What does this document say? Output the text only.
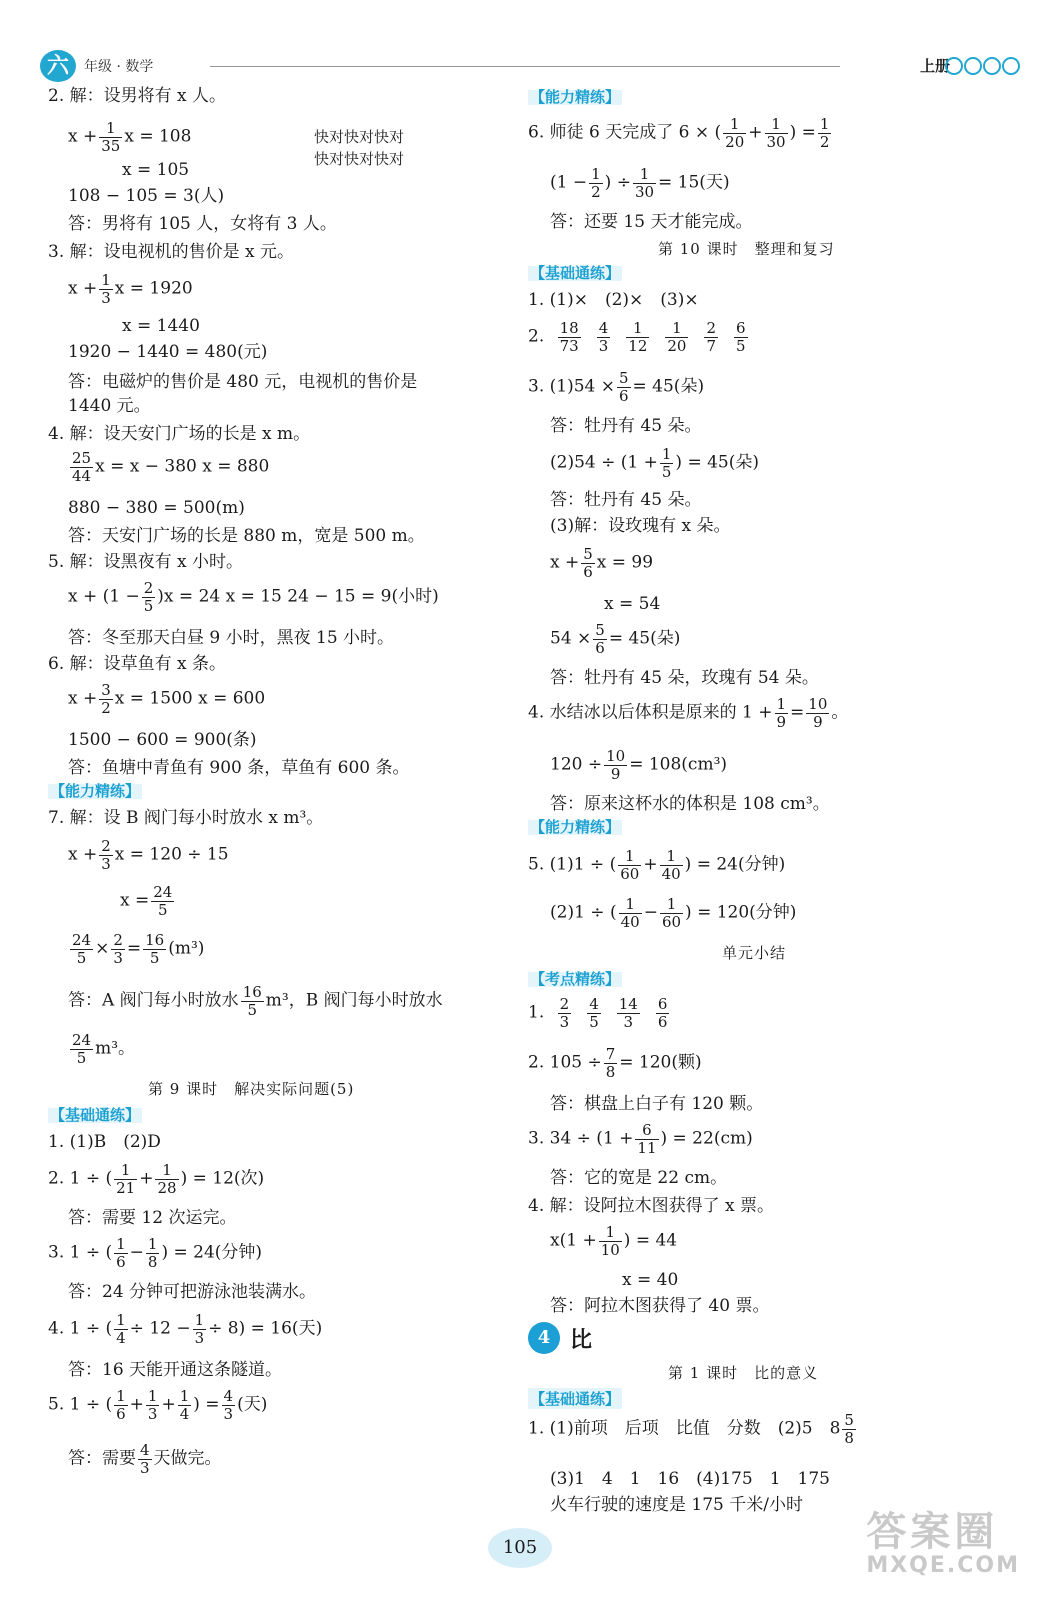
六	年级 · 数学	上册
2. 解：设男将有 x 人。
$x + \frac{1}{35}$ x = 108	快对快对快对
快对快对快对
x = 105
108 − 105 = 3(人)
答：男将有 105 人，女将有 3 人。
3. 解：设电视机的售价是 x 元。
$x + \frac{1}{3}$ x = 1920
x = 1440
1920 − 1440 = 480(元)
答：电磁炉的售价是 480 元，电视机的售价是
1440 元。
4. 解：设天安门广场的长是 x m。
$\frac{25}{44}$ x = x − 380 x = 880
880 − 380 = 500(m)
答：天安门广场的长是 880 m，宽是 500 m。
5. 解：设黑夜有 x 小时。
$x + (1 - \frac{2}{5} )x = 24$ x = 15 24 − 15 = 9(小时)
答：冬至那天白昼 9 小时，黑夜 15 小时。
6. 解：设草鱼有 x 条。
$x + \frac{3}{2}$ x = 1500 x = 600
1500 − 600 = 900(条)
答：鱼塘中青鱼有 900 条，草鱼有 600 条。
【能力精练】
7. 解：设 B 阀门每小时放水 x m³。
$x + \frac{2}{3}$ x = 120 ÷ 15
$x = \frac{24}{5}$
$\frac{24}{5} \times \frac{2}{3} = \frac{16}{5} (m^3)$
答：A 阀门每小时放水 $\frac{16}{5} m^3$，B 阀门每小时放水
$\frac{24}{5} m^3$。
第 9 课时　解决实际问题(5)
【基础通练】
1. (1)B　(2)D
2. 1 ÷ ( $\frac{1}{21} + \frac{1}{28}$ ) = 12(次)
答：需要 12 次运完。
3. 1 ÷ ( $\frac{1}{6} - \frac{1}{8}$ ) = 24(分钟)
答：24 分钟可把游泳池装满水。
4. 1 ÷ ( $\frac{1}{4} \div 12 - \frac{1}{3} \div 8) = 16$(天)
答：16 天能开通这条隧道。
5. 1 ÷ ( $\frac{1}{6} + \frac{1}{3} + \frac{1}{4}$ ) = $\frac{4}{3}$ (天)
答：需要 $\frac{4}{3}$ 天做完。
【能力精练】
6. 师徒 6 天完成了 6 × ( $\frac{1}{20} + \frac{1}{30}$ ) = $\frac{1}{2}$
($1 - \frac{1}{2}$ ) ÷ $\frac{1}{30} = 15$(天)
答：还要 15 天才能完成。
第 10 课时　整理和复习
【基础通练】
1. (1)×　(2)×　(3)×
2. $\frac{18}{73} \frac{4}{3} \frac{1}{12} \frac{1}{20} \frac{2}{7} \frac{6}{5}$
3. $(1)54 \times \frac{5}{6} = 45$(朵)
答：牡丹有 45 朵。
$(2)54 \div (1 + \frac{1}{5}$ ) = 45(朵)
答：牡丹有 45 朵。
(3)解：设玫瑰有 x 朵。
$x + \frac{5}{6}$ x = 99
x = 54
$54 \times \frac{5}{6} = 45$(朵)
答：牡丹有 45 朵，玫瑰有 54 朵。
4. 水结冰以后体积是原来的 $1 + \frac{1}{9} = \frac{10}{9}$ 。
$120 \div \frac{10}{9} = 108(cm^3)$
答：原来这杯水的体积是 108 cm³。
【能力精练】
5. (1)1 ÷ ( $\frac{1}{60} + \frac{1}{40}$ ) = 24(分钟)
(2)1 ÷ ( $\frac{1}{40} - \frac{1}{60}$ ) = 120(分钟)
单元小结
【考点精练】
1. $\frac{2}{3} \frac{4}{5} \frac{14}{3} \frac{6}{6}$
2. $105 \div \frac{7}{8} = 120$(颗)
答：棋盘上白子有 120 颗。
3. $34 \div (1 + \frac{6}{11}$ ) = 22(cm)
答：它的宽是 22 cm。
4. 解：设阿拉木图获得了 x 票。
$x(1 + \frac{1}{10}$ ) = 44
x = 40
答：阿拉木图获得了 40 票。
4 比
第 1 课时　比的意义
【基础通练】
1. (1)前项　后项　比值　分数　(2)5　$8 \frac{5}{8}$
(3)1　4　1　16　(4)175　1　175
火车行驶的速度是 175 千米/小时
105	答案圈
MXQE.COM
